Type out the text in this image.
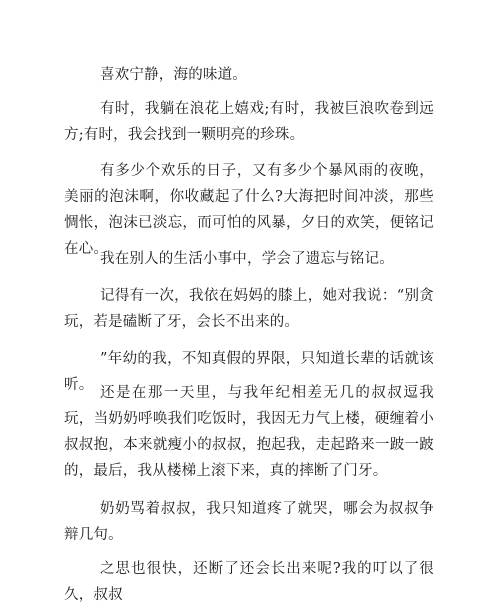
喜欢宁静，海的味道。

有时，我躺在浪花上嬉戏;有时，我被巨浪吹卷到远方;有时，我会找到一颗明亮的珍珠。

有多少个欢乐的日子，又有多少个暴风雨的夜晚，美丽的泡沫啊，你收藏起了什么?大海把时间冲淡，那些惆怅，泡沫已淡忘，而可怕的风暴，夕日的欢笑，便铭记在心。

我在别人的生活小事中，学会了遗忘与铭记。

记得有一次，我依在妈妈的膝上，她对我说：“别贪玩，若是磕断了牙，会长不出来的。

”年幼的我，不知真假的界限，只知道长辈的话就该听。 还是在那一天里，与我年纪相差无几的叔叔逗我玩，当奶奶呼唤我们吃饭时，我因无力气上楼，硬缠着小叔叔抱，本来就瘦小的叔叔，抱起我，走起路来一跛一跛的，最后，我从楼梯上滚下来，真的摔断了门牙。

奶奶骂着叔叔，我只知道疼了就哭，哪会为叔叔争辩几句。

之思也很快，还断了还会长出来呢?我的叮以了很久，叔叔
